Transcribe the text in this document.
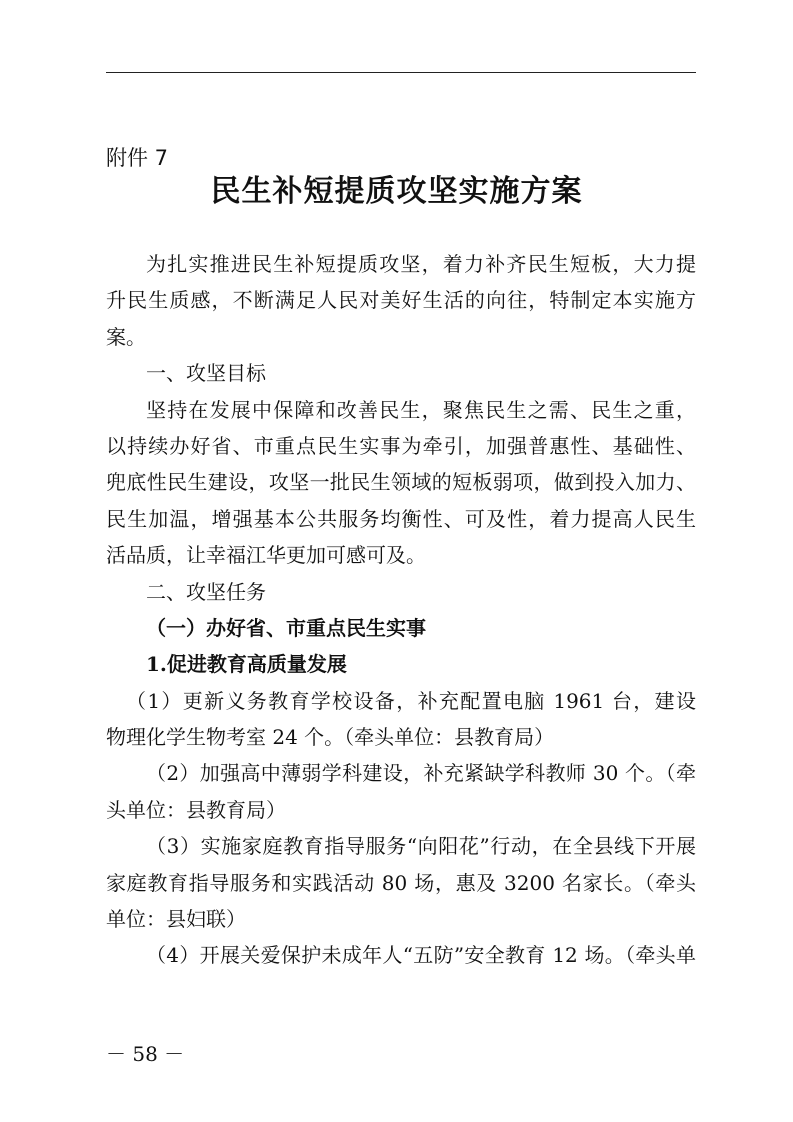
附件 7
民生补短提质攻坚实施方案
为扎实推进民生补短提质攻坚，着力补齐民生短板，大力提
升民生质感，不断满足人民对美好生活的向往，特制定本实施方
案。
一、攻坚目标
坚持在发展中保障和改善民生，聚焦民生之需、民生之重，
以持续办好省、市重点民生实事为牵引，加强普惠性、基础性、
兜底性民生建设，攻坚一批民生领域的短板弱项，做到投入加力、
民生加温，增强基本公共服务均衡性、可及性，着力提高人民生
活品质，让幸福江华更加可感可及。
二、攻坚任务
（一）办好省、市重点民生实事
1.促进教育高质量发展
（1）更新义务教育学校设备，补充配置电脑 1961 台，建设
物理化学生物考室 24 个。（牵头单位：县教育局）
（2）加强高中薄弱学科建设，补充紧缺学科教师 30 个。（牵
头单位：县教育局）
（3）实施家庭教育指导服务“向阳花”行动，在全县线下开展
家庭教育指导服务和实践活动 80 场，惠及 3200 名家长。（牵头
单位：县妇联）
（4）开展关爱保护未成年人“五防”安全教育 12 场。（牵头单
－ 58 －
